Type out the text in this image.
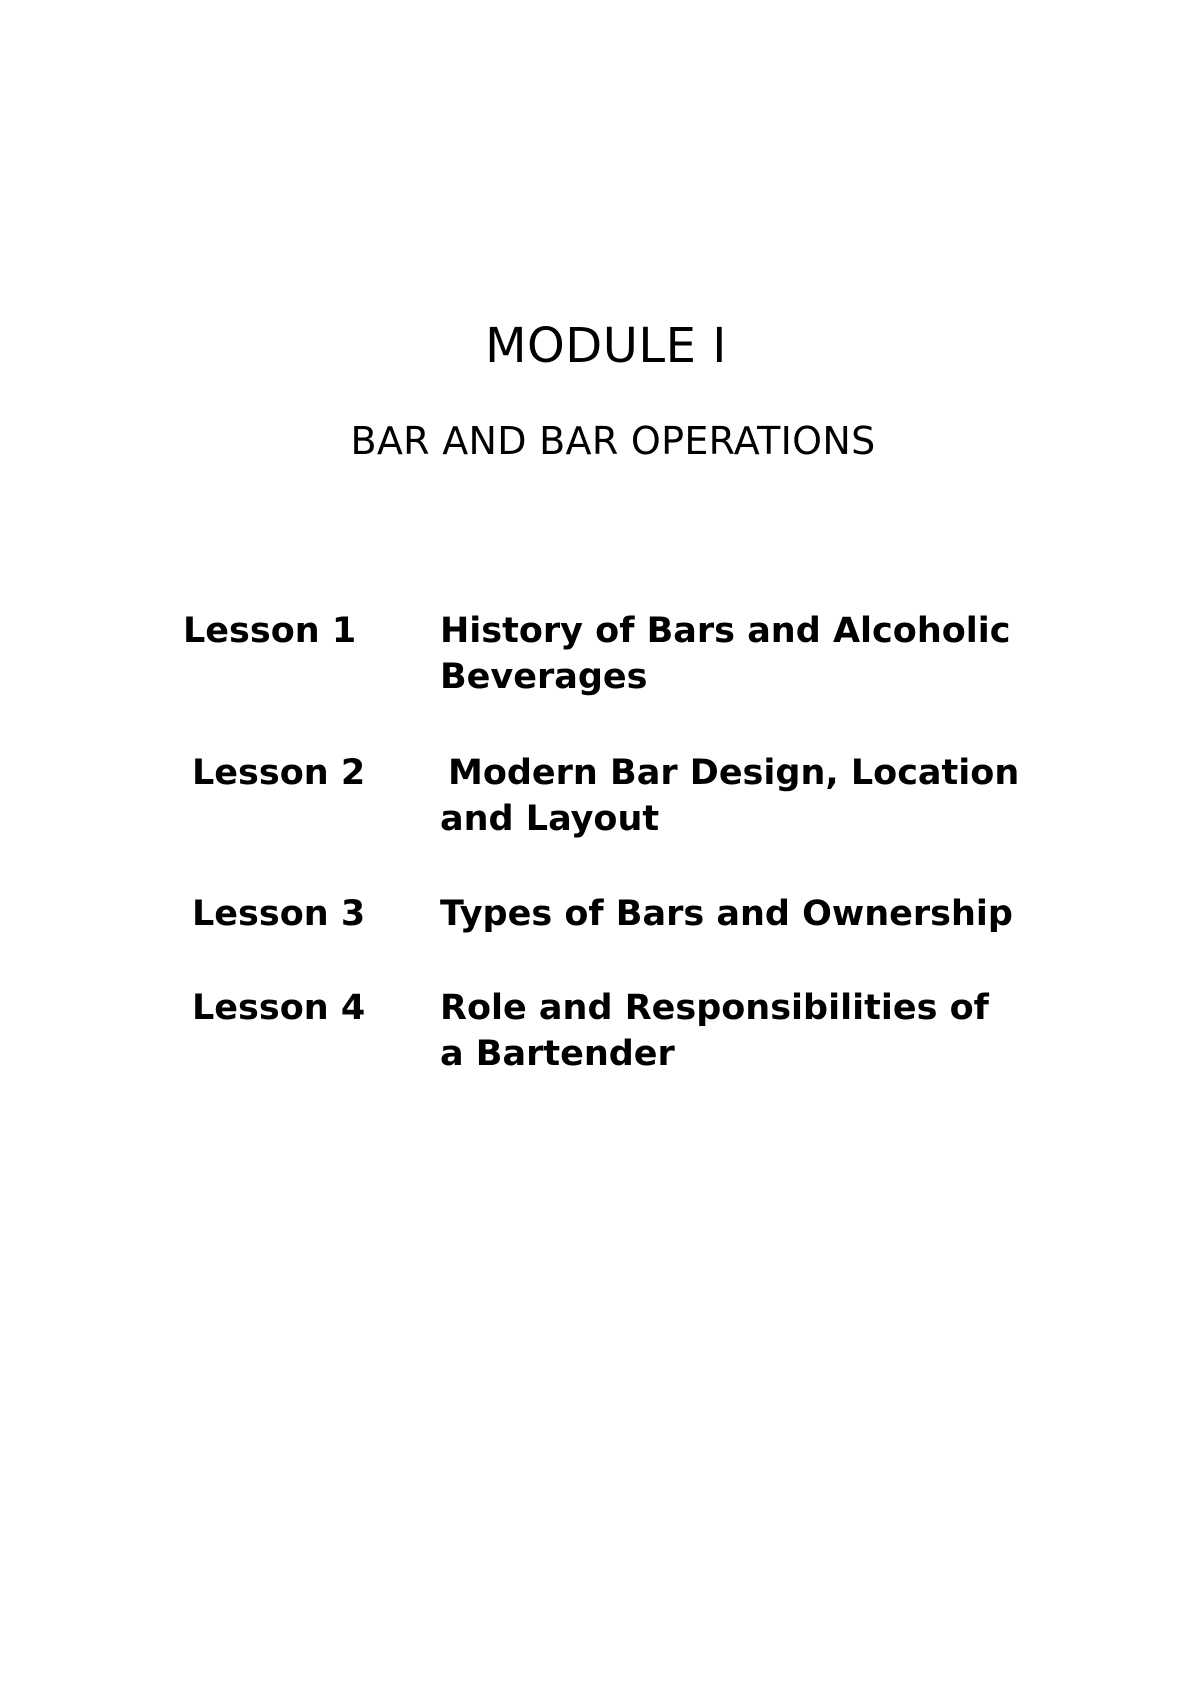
MODULE I
BAR AND BAR OPERATIONS
Lesson 1 History of Bars and Alcoholic Beverages
Lesson 2 Modern Bar Design, Location and Layout
Lesson 3 Types of Bars and Ownership
Lesson 4 Role and Responsibilities of a Bartender
